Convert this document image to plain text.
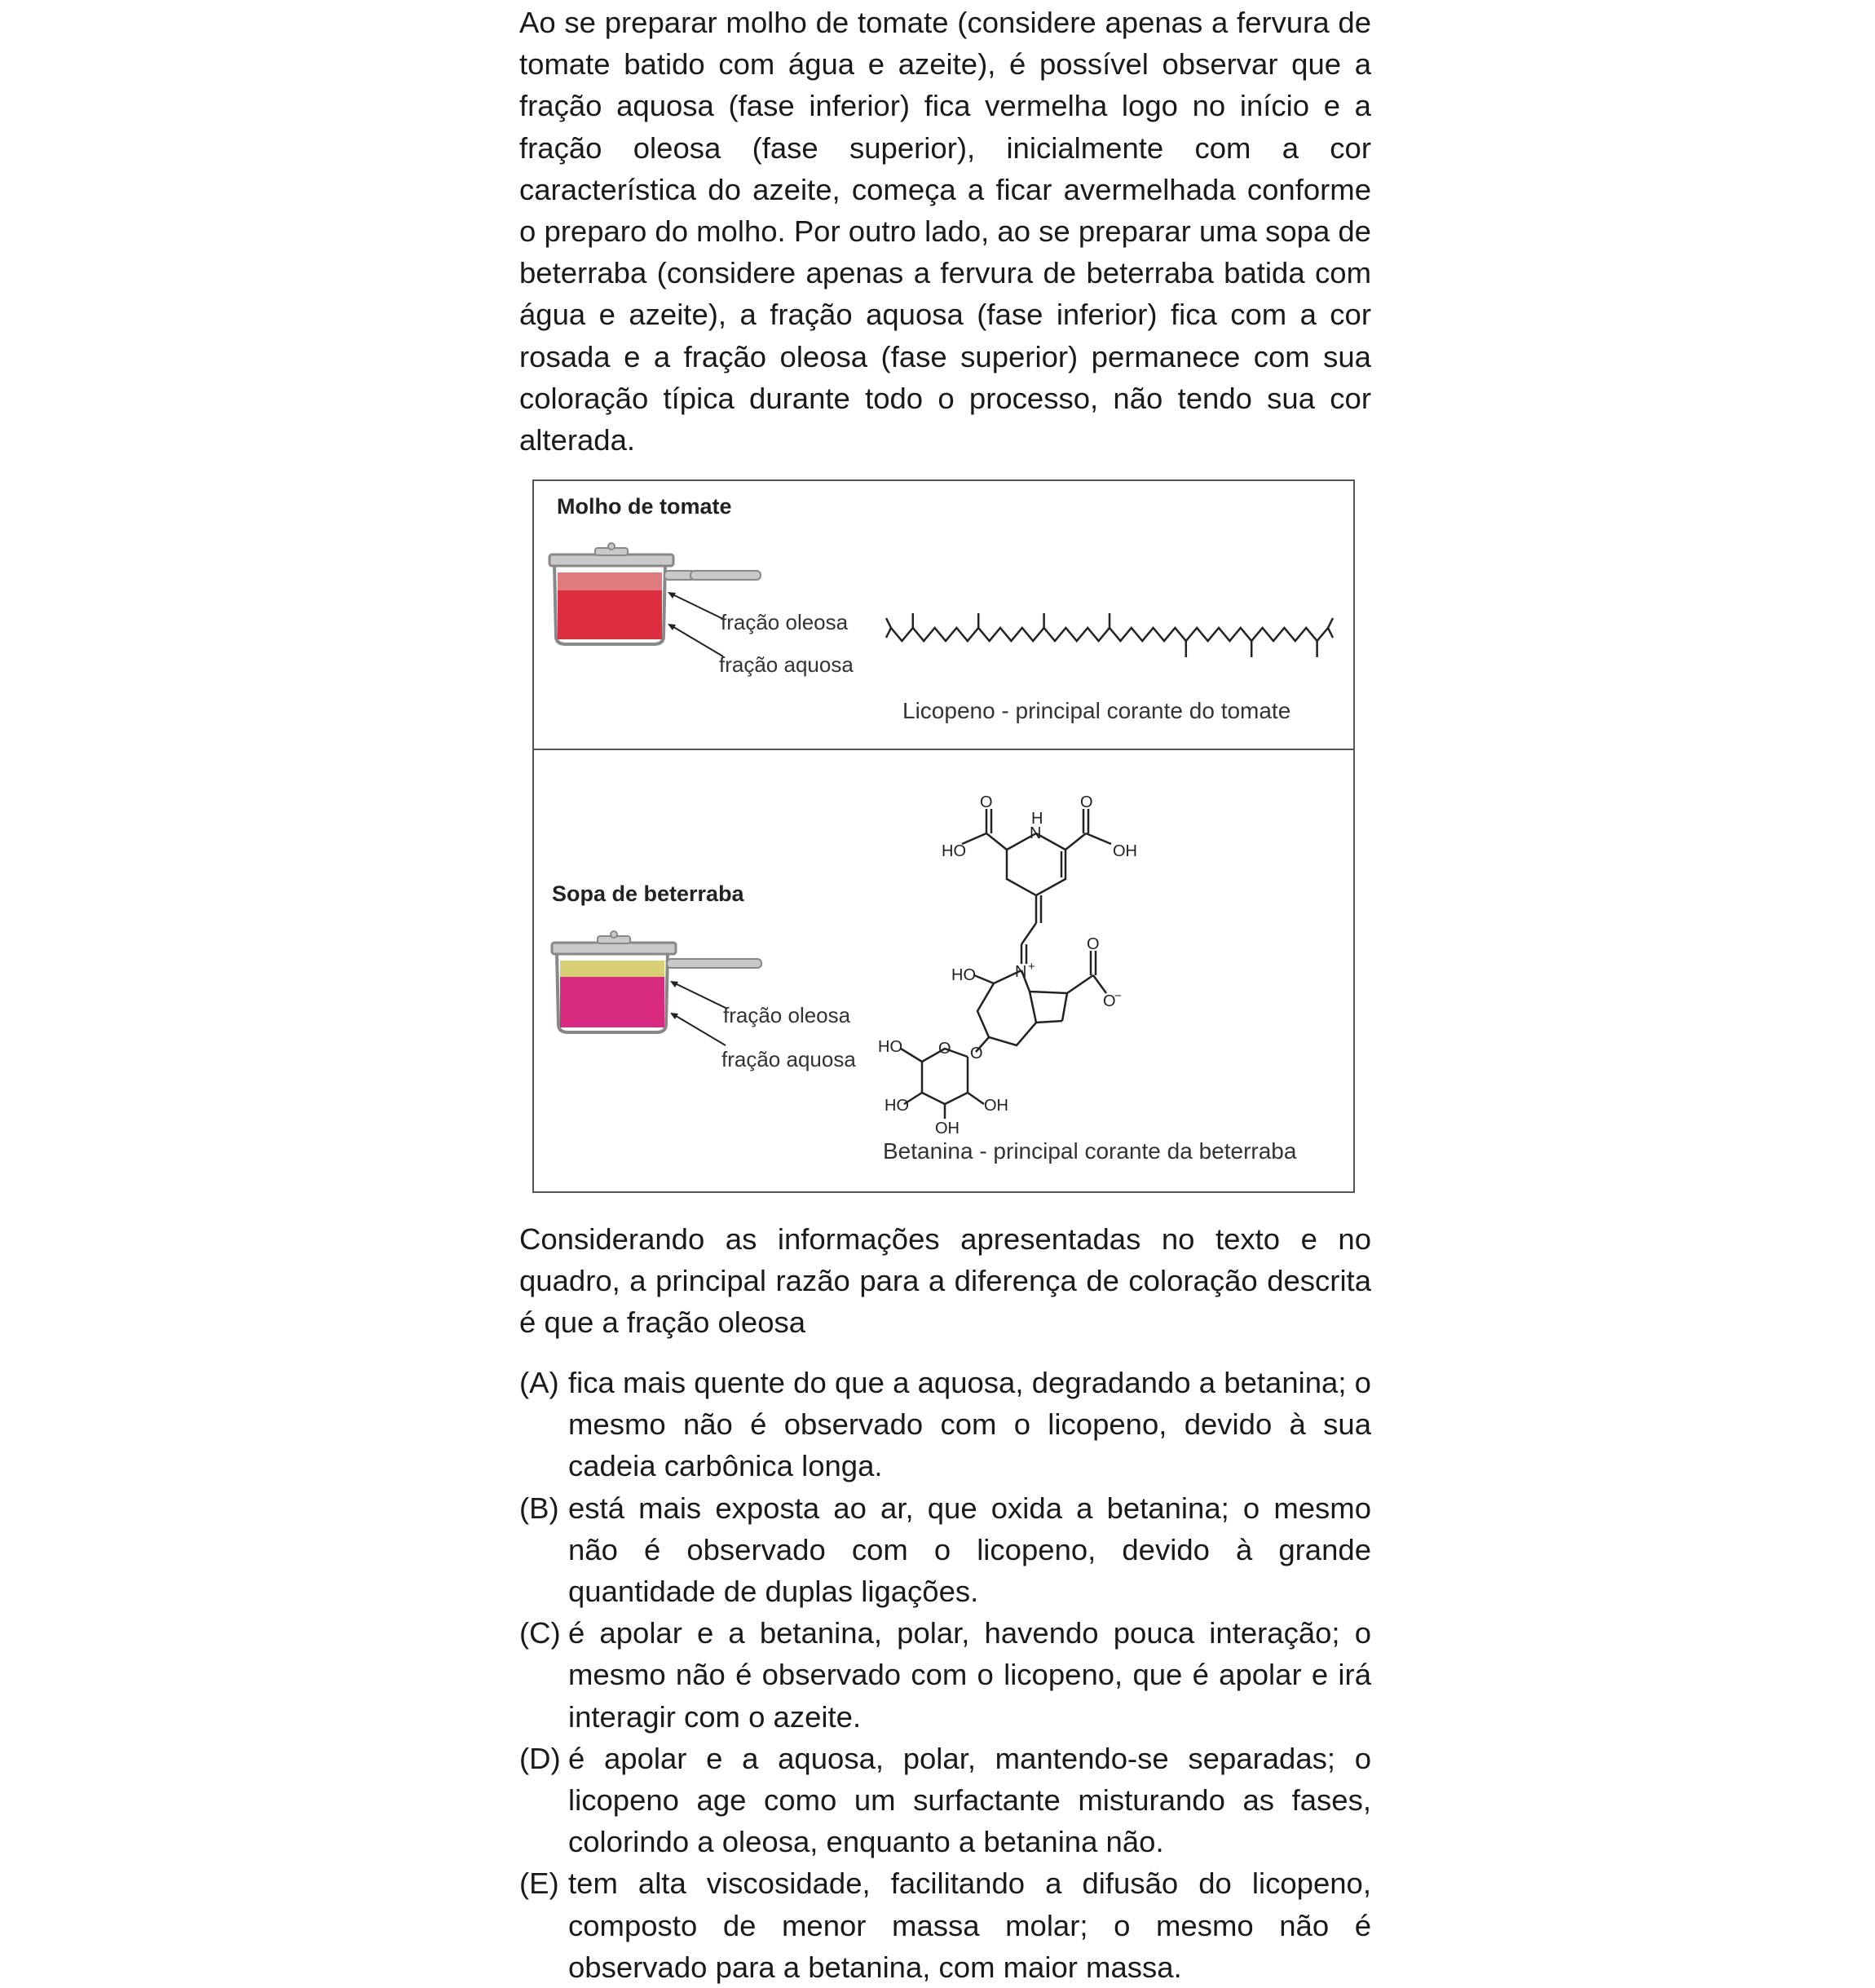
Ao se preparar molho de tomate (considere apenas a fervura de tomate batido com água e azeite), é possível observar que a fração aquosa (fase inferior) fica vermelha logo no início e a fração oleosa (fase superior), inicialmente com a cor característica do azeite, começa a ficar avermelhada conforme o preparo do molho. Por outro lado, ao se preparar uma sopa de beterraba (considere apenas a fervura de beterraba batida com água e azeite), a fração aquosa (fase inferior) fica com a cor rosada e a fração oleosa (fase superior) permanece com sua coloração típica durante todo o processo, não tendo sua cor alterada.

Molho de tomate
fração oleosa
fração aquosa
Licopeno - principal corante do tomate
Sopa de beterraba
fração oleosa
fração aquosa
O	O
H
N
HO	OH
N +
O
O
−
HO
O
O
HO
HO	OH
OH
Betanina - principal corante da beterraba

Considerando as informações apresentadas no texto e no quadro, a principal razão para a diferença de coloração descrita é que a fração oleosa

(A) fica mais quente do que a aquosa, degradando a betanina; o mesmo não é observado com o licopeno, devido à sua cadeia carbônica longa.
(B) está mais exposta ao ar, que oxida a betanina; o mesmo não é observado com o licopeno, devido à grande quantidade de duplas ligações.
(C) é apolar e a betanina, polar, havendo pouca interação; o mesmo não é observado com o licopeno, que é apolar e irá interagir com o azeite.
(D) é apolar e a aquosa, polar, mantendo-se separadas; o licopeno age como um surfactante misturando as fases, colorindo a oleosa, enquanto a betanina não.
(E) tem alta viscosidade, facilitando a difusão do licopeno, composto de menor massa molar; o mesmo não é observado para a betanina, com maior massa.
